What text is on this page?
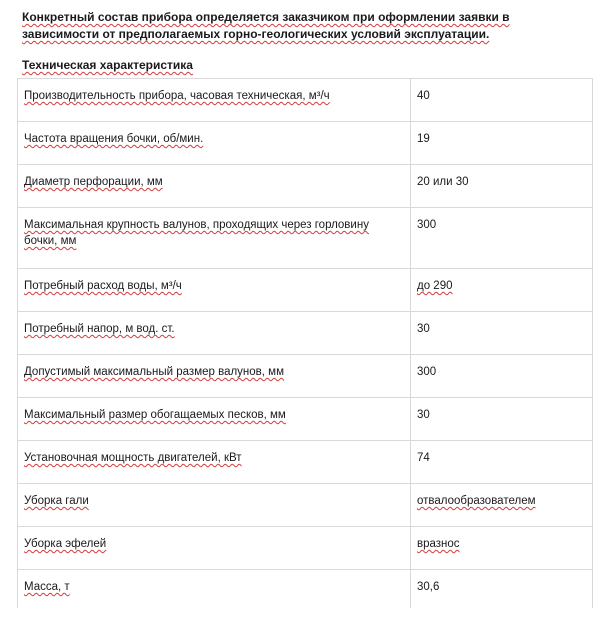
Конкретный состав прибора определяется заказчиком при оформлении заявки в зависимости от предполагаемых горно-геологических условий эксплуатации.
Техническая характеристика
Производительность прибора, часовая техническая, м³/ч	40
Частота вращения бочки, об/мин.	19
Диаметр перфорации, мм	20 или 30
Максимальная крупность валунов, проходящих через горловину бочки, мм	300
Потребный расход воды, м³/ч	до 290
Потребный напор, м вод. ст.	30
Допустимый максимальный размер валунов, мм	300
Максимальный размер обогащаемых песков, мм	30
Установочная мощность двигателей, кВт	74
Уборка гали	отвалообразователем
Уборка эфелей	вразнос
Масса, т	30,6
